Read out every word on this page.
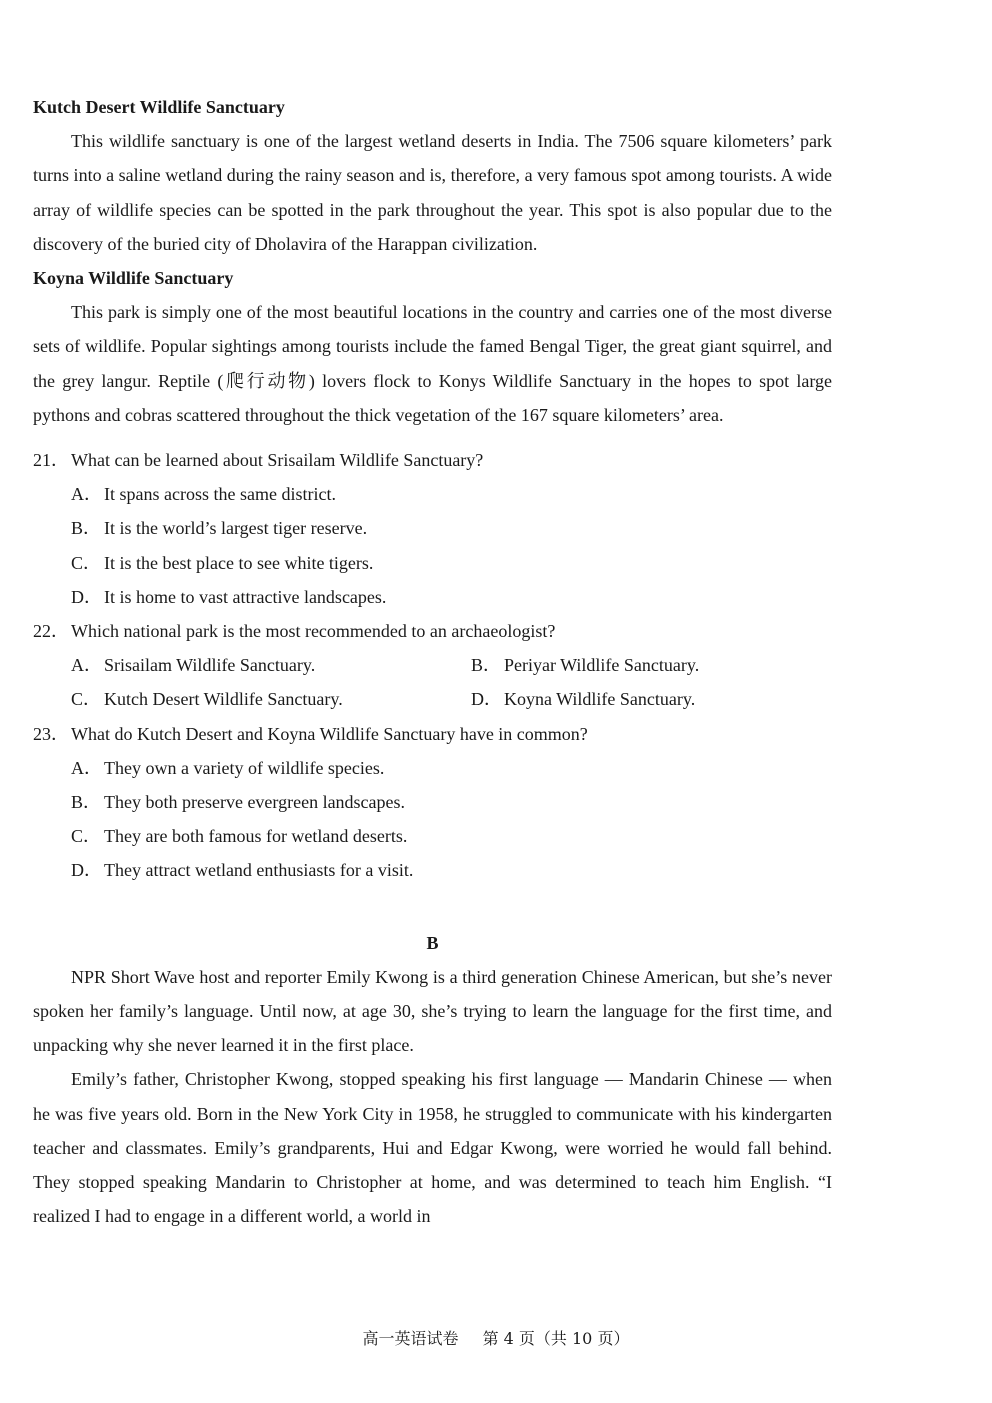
Kutch Desert Wildlife Sanctuary

This wildlife sanctuary is one of the largest wetland deserts in India. The 7506 square kilometers’ park turns into a saline wetland during the rainy season and is, therefore, a very famous spot among tourists. A wide array of wildlife species can be spotted in the park throughout the year. This spot is also popular due to the discovery of the buried city of Dholavira of the Harappan civilization.

Koyna Wildlife Sanctuary

This park is simply one of the most beautiful locations in the country and carries one of the most diverse sets of wildlife. Popular sightings among tourists include the famed Bengal Tiger, the great giant squirrel, and the grey langur. Reptile (爬行动物) lovers flock to Konys Wildlife Sanctuary in the hopes to spot large pythons and cobras scattered throughout the thick vegetation of the 167 square kilometers’ area.

21． What can be learned about Srisailam Wildlife Sanctuary?

A． It spans across the same district.

B． It is the world’s largest tiger reserve.

C． It is the best place to see white tigers.

D． It is home to vast attractive landscapes.

22． Which national park is the most recommended to an archaeologist?

A． Srisailam Wildlife Sanctuary.	B． Periyar Wildlife Sanctuary.
C． Kutch Desert Wildlife Sanctuary.	D． Koyna Wildlife Sanctuary.

23． What do Kutch Desert and Koyna Wildlife Sanctuary have in common?

A． They own a variety of wildlife species.

B． They both preserve evergreen landscapes.

C． They are both famous for wetland deserts.

D． They attract wetland enthusiasts for a visit.

B

NPR Short Wave host and reporter Emily Kwong is a third generation Chinese American, but she’s never spoken her family’s language. Until now, at age 30, she’s trying to learn the language for the first time, and unpacking why she never learned it in the first place.

Emily’s father, Christopher Kwong, stopped speaking his first language — Mandarin Chinese — when he was five years old. Born in the New York City in 1958, he struggled to communicate with his kindergarten teacher and classmates. Emily’s grandparents, Hui and Edgar Kwong, were worried he would fall behind. They stopped speaking Mandarin to Christopher at home, and was determined to teach him English. “I realized I had to engage in a different world, a world in

高一英语试卷 第 4 页（共 10 页）
